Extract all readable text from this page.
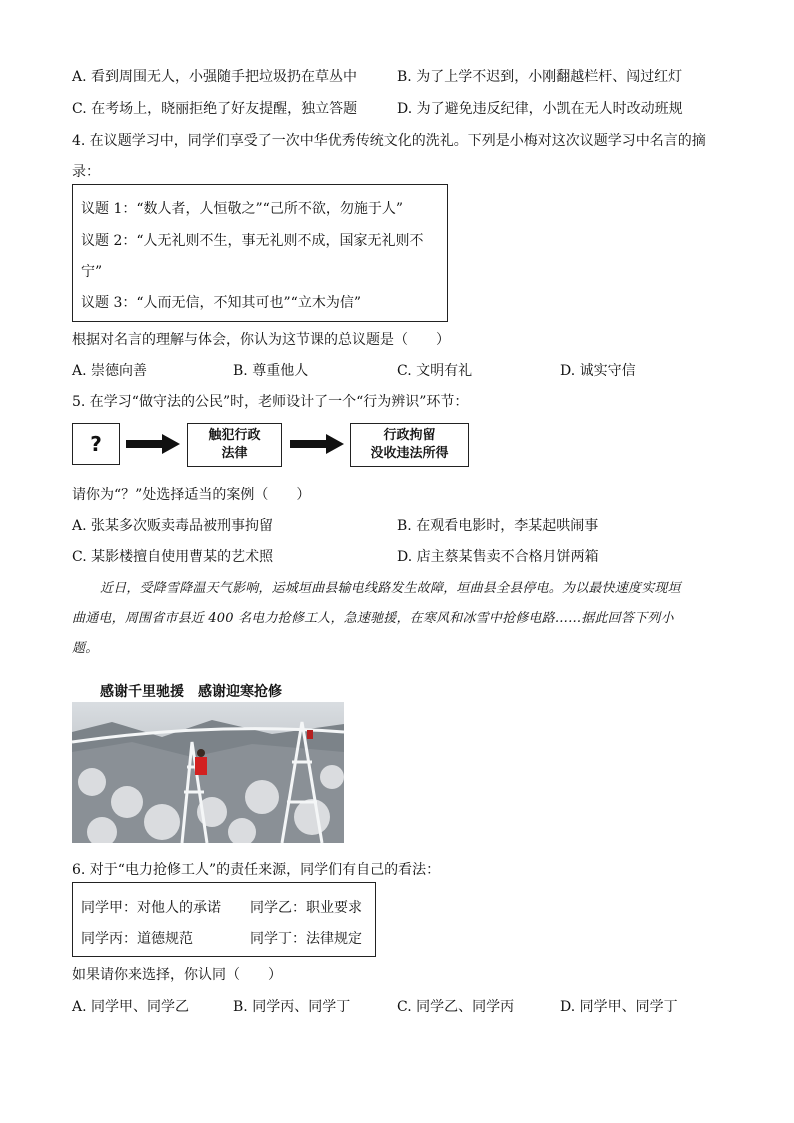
A. 看到周围无人，小强随手把垃圾扔在草丛中	B. 为了上学不迟到，小刚翻越栏杆、闯过红灯
C. 在考场上，晓丽拒绝了好友提醒，独立答题	D. 为了避免违反纪律，小凯在无人时改动班规
4. 在议题学习中，同学们享受了一次中华优秀传统文化的洗礼。下列是小梅对这次议题学习中名言的摘
录：
议题 1：“数人者，人恒敬之”“己所不欲，勿施于人”
议题 2：“人无礼则不生，事无礼则不成，国家无礼则不
宁”
议题 3：“人而无信，不知其可也”“立木为信”
根据对名言的理解与体会，你认为这节课的总议题是（　　）
A. 崇德向善	B. 尊重他人	C. 文明有礼	D. 诚实守信
5. 在学习“做守法的公民”时，老师设计了一个“行为辨识”环节：
?	触犯行政
法律
行政拘留
没收违法所得
请你为“？”处选择适当的案例（　　）
A. 张某多次贩卖毒品被刑事拘留	B. 在观看电影时，李某起哄闹事
C. 某影楼擅自使用曹某的艺术照	D. 店主蔡某售卖不合格月饼两箱
近日，受降雪降温天气影响，运城垣曲县输电线路发生故障，垣曲县全县停电。为以最快速度实现垣
曲通电，周围省市县近 400 名电力抢修工人，急速驰援，在寒风和冰雪中抢修电路……据此回答下列小
题。
感谢千里驰援　感谢迎寒抢修
6. 对于“电力抢修工人”的责任来源，同学们有自己的看法：
同学甲：对他人的承诺 同学乙：职业要求
同学丙：道德规范	同学丁：法律规定
如果请你来选择，你认同（　　）
A. 同学甲、同学乙	B. 同学丙、同学丁	C. 同学乙、同学丙	D. 同学甲、同学丁
